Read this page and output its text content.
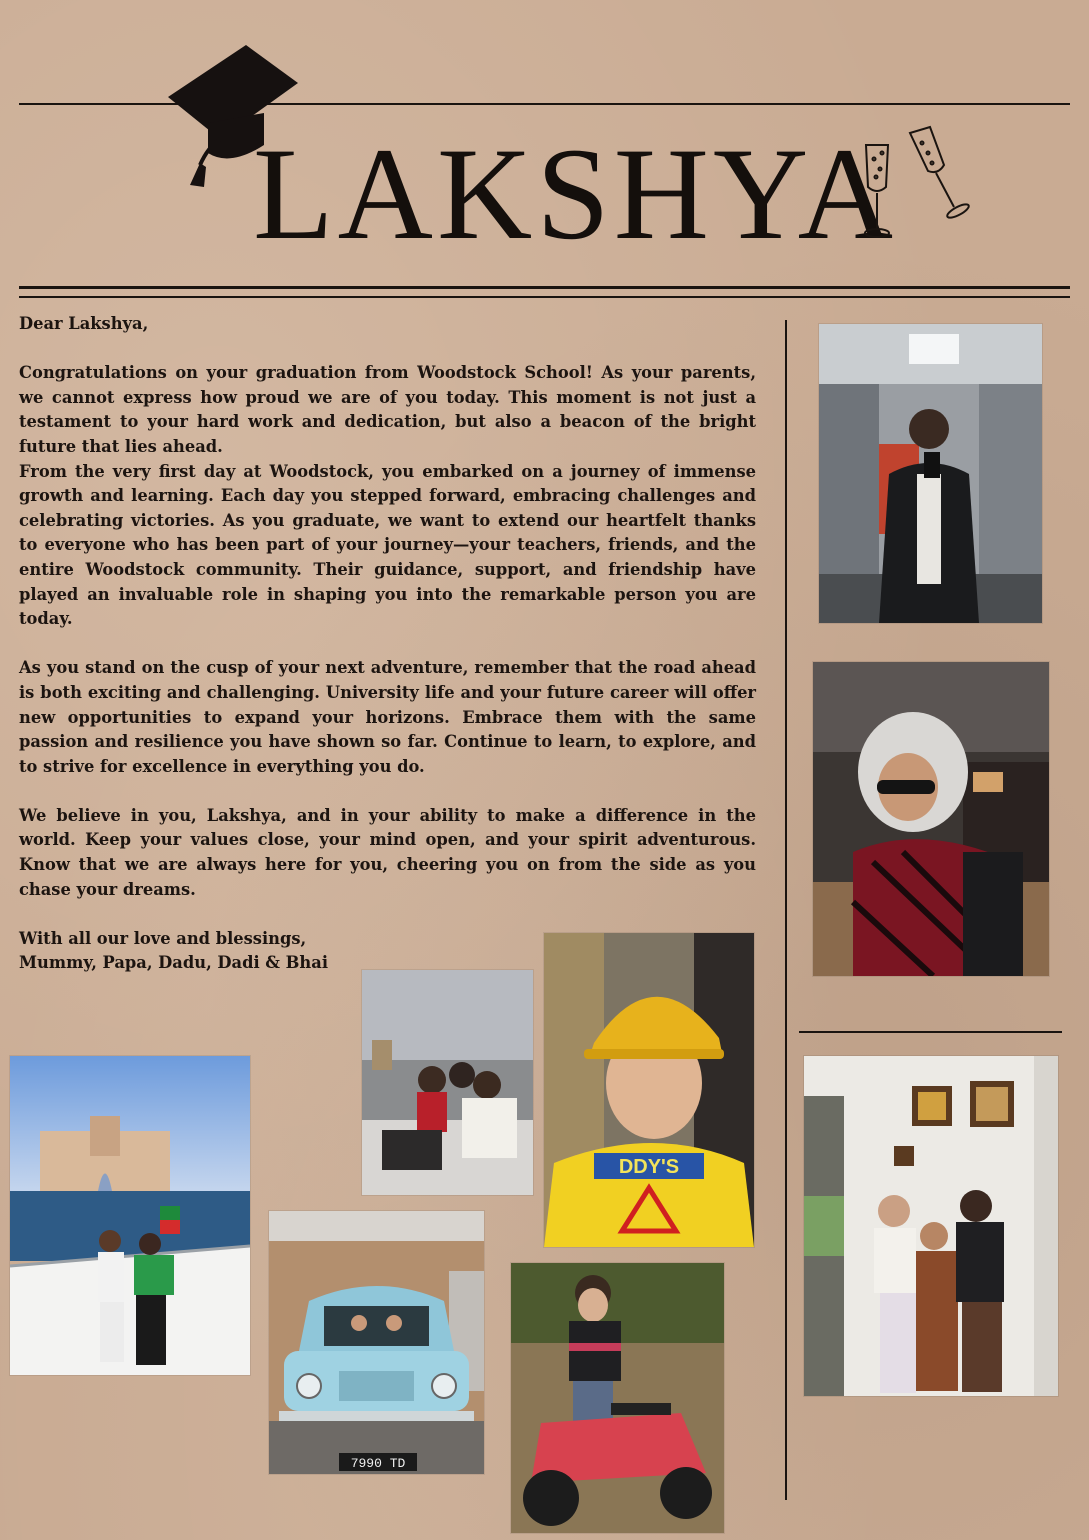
LAKSHYA

Dear Lakshya,

Congratulations on your graduation from Woodstock School! As your parents, we cannot express how proud we are of you today. This moment is not just a testament to your hard work and dedication, but also a beacon of the bright future that lies ahead.

From the very first day at Woodstock, you embarked on a journey of immense growth and learning. Each day you stepped forward, embracing challenges and celebrating victories. As you graduate, we want to extend our heartfelt thanks to everyone who has been part of your journey—your teachers, friends, and the entire Woodstock community. Their guidance, support, and friendship have played an invaluable role in shaping you into the remarkable person you are today.

As you stand on the cusp of your next adventure, remember that the road ahead is both exciting and challenging. University life and your future career will offer new opportunities to expand your horizons. Embrace them with the same passion and resilience you have shown so far. Continue to learn, to explore, and to strive for excellence in everything you do.

We believe in you, Lakshya, and in your ability to make a difference in the world. Keep your values close, your mind open, and your spirit adventurous. Know that we are always here for you, cheering you on from the side as you chase your dreams.

With all our love and blessings,

Mummy, Papa, Dadu, Dadi & Bhai

DDY'S
7990 TD
